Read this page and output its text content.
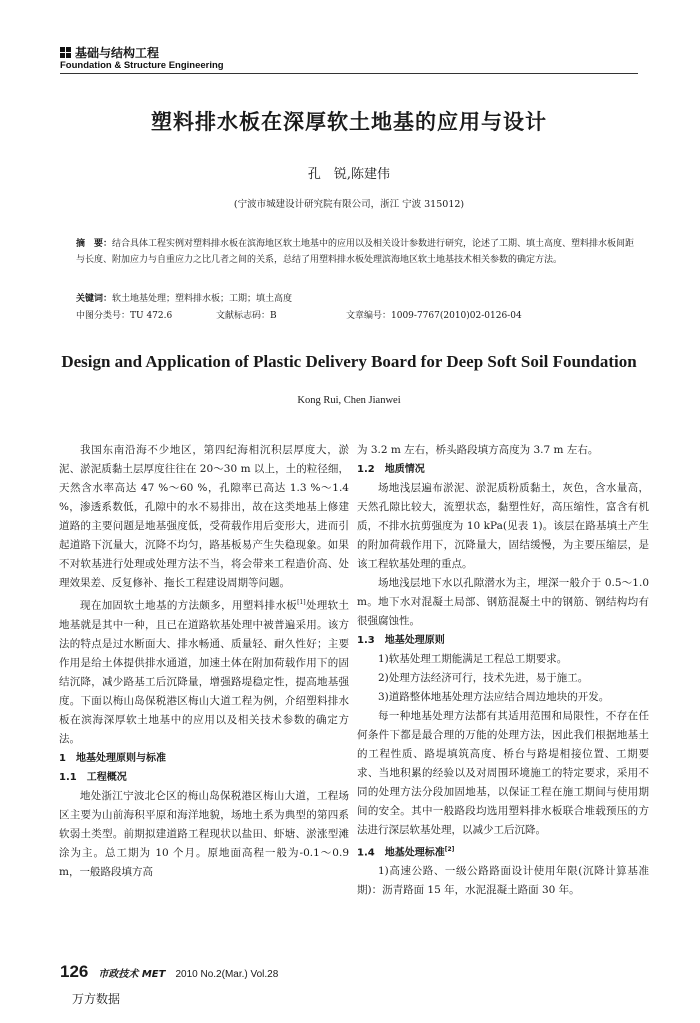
基础与结构工程
Foundation & Structure Engineering
塑料排水板在深厚软土地基的应用与设计
孔　锐,陈建伟
(宁波市城建设计研究院有限公司，浙江 宁波 315012)
摘　要：结合具体工程实例对塑料排水板在滨海地区软土地基中的应用以及相关设计参数进行研究，论述了工期、填土高度、塑料排水板间距与长度、附加应力与自重应力之比几者之间的关系，总结了用塑料排水板处理滨海地区软土地基技术相关参数的确定方法。
关键词：软土地基处理；塑料排水板；工期；填土高度
中图分类号：TU 472.6	文献标志码：B	文章编号：1009-7767(2010)02-0126-04
Design and Application of Plastic Delivery Board for Deep Soft Soil Foundation
Kong Rui, Chen Jianwei

我国东南沿海不少地区，第四纪海相沉积层厚度大，淤泥、淤泥质黏土层厚度往往在 20～30 m 以上，土的粒径细，天然含水率高达 47 %～60 %，孔隙率已高达 1.3 %～1.4 %，渗透系数低，孔隙中的水不易排出，故在这类地基上修建道路的主要问题是地基强度低，受荷载作用后变形大，进而引起道路下沉量大，沉降不均匀，路基板易产生失稳现象。如果不对软基进行处理或处理方法不当，将会带来工程造价高、处理效果差、反复修补、拖长工程建设周期等问题。

现在加固软土地基的方法颇多，用塑料排水板[1]处理软土地基就是其中一种，且已在道路软基处理中被普遍采用。该方法的特点是过水断面大、排水畅通、质量轻、耐久性好；主要作用是给土体提供排水通道，加速土体在附加荷载作用下的固结沉降，减少路基工后沉降量，增强路堤稳定性，提高地基强度。下面以梅山岛保税港区梅山大道工程为例，介绍塑料排水板在滨海深厚软土地基中的应用以及相关技术参数的确定方法。

1　地基处理原则与标准
1.1　工程概况

地处浙江宁波北仑区的梅山岛保税港区梅山大道，工程场区主要为山前海积平原和海洋地貌，场地土系为典型的第四系软弱土类型。前期拟建道路工程现状以盐田、虾塘、淤涨型滩涂为主。总工期为 10 个月。原地面高程一般为-0.1～0.9 m，一般路段填方高

为 3.2 m 左右，桥头路段填方高度为 3.7 m 左右。

1.2　地质情况

场地浅层遍布淤泥、淤泥质粉质黏土，灰色，含水量高，天然孔隙比较大，流塑状态，黏塑性好，高压缩性，富含有机质，不排水抗剪强度为 10 kPa(见表 1)。该层在路基填土产生的附加荷载作用下，沉降量大，固结缓慢，为主要压缩层，是该工程软基处理的重点。

场地浅层地下水以孔隙潜水为主，埋深一般介于 0.5～1.0 m。地下水对混凝土局部、钢筋混凝土中的钢筋、钢结构均有很强腐蚀性。

1.3　地基处理原则

1)软基处理工期能满足工程总工期要求。

2)处理方法经济可行，技术先进，易于施工。

3)道路整体地基处理方法应结合周边地块的开发。

每一种地基处理方法都有其适用范围和局限性，不存在任何条件下都是最合理的万能的处理方法，因此我们根据地基土的工程性质、路堤填筑高度、桥台与路堤相接位置、工期要求、当地积累的经验以及对周围环境施工的特定要求，采用不同的处理方法分段加固地基，以保证工程在施工期间与使用期间的安全。其中一般路段均选用塑料排水板联合堆载预压的方法进行深层软基处理，以减少工后沉降。

1.4　地基处理标准[2]

1)高速公路、一级公路路面设计使用年限(沉降计算基准期)：沥青路面 15 年，水泥混凝土路面 30 年。

126 市政技术 MET 2010 No.2(Mar.) Vol.28
万方数据
